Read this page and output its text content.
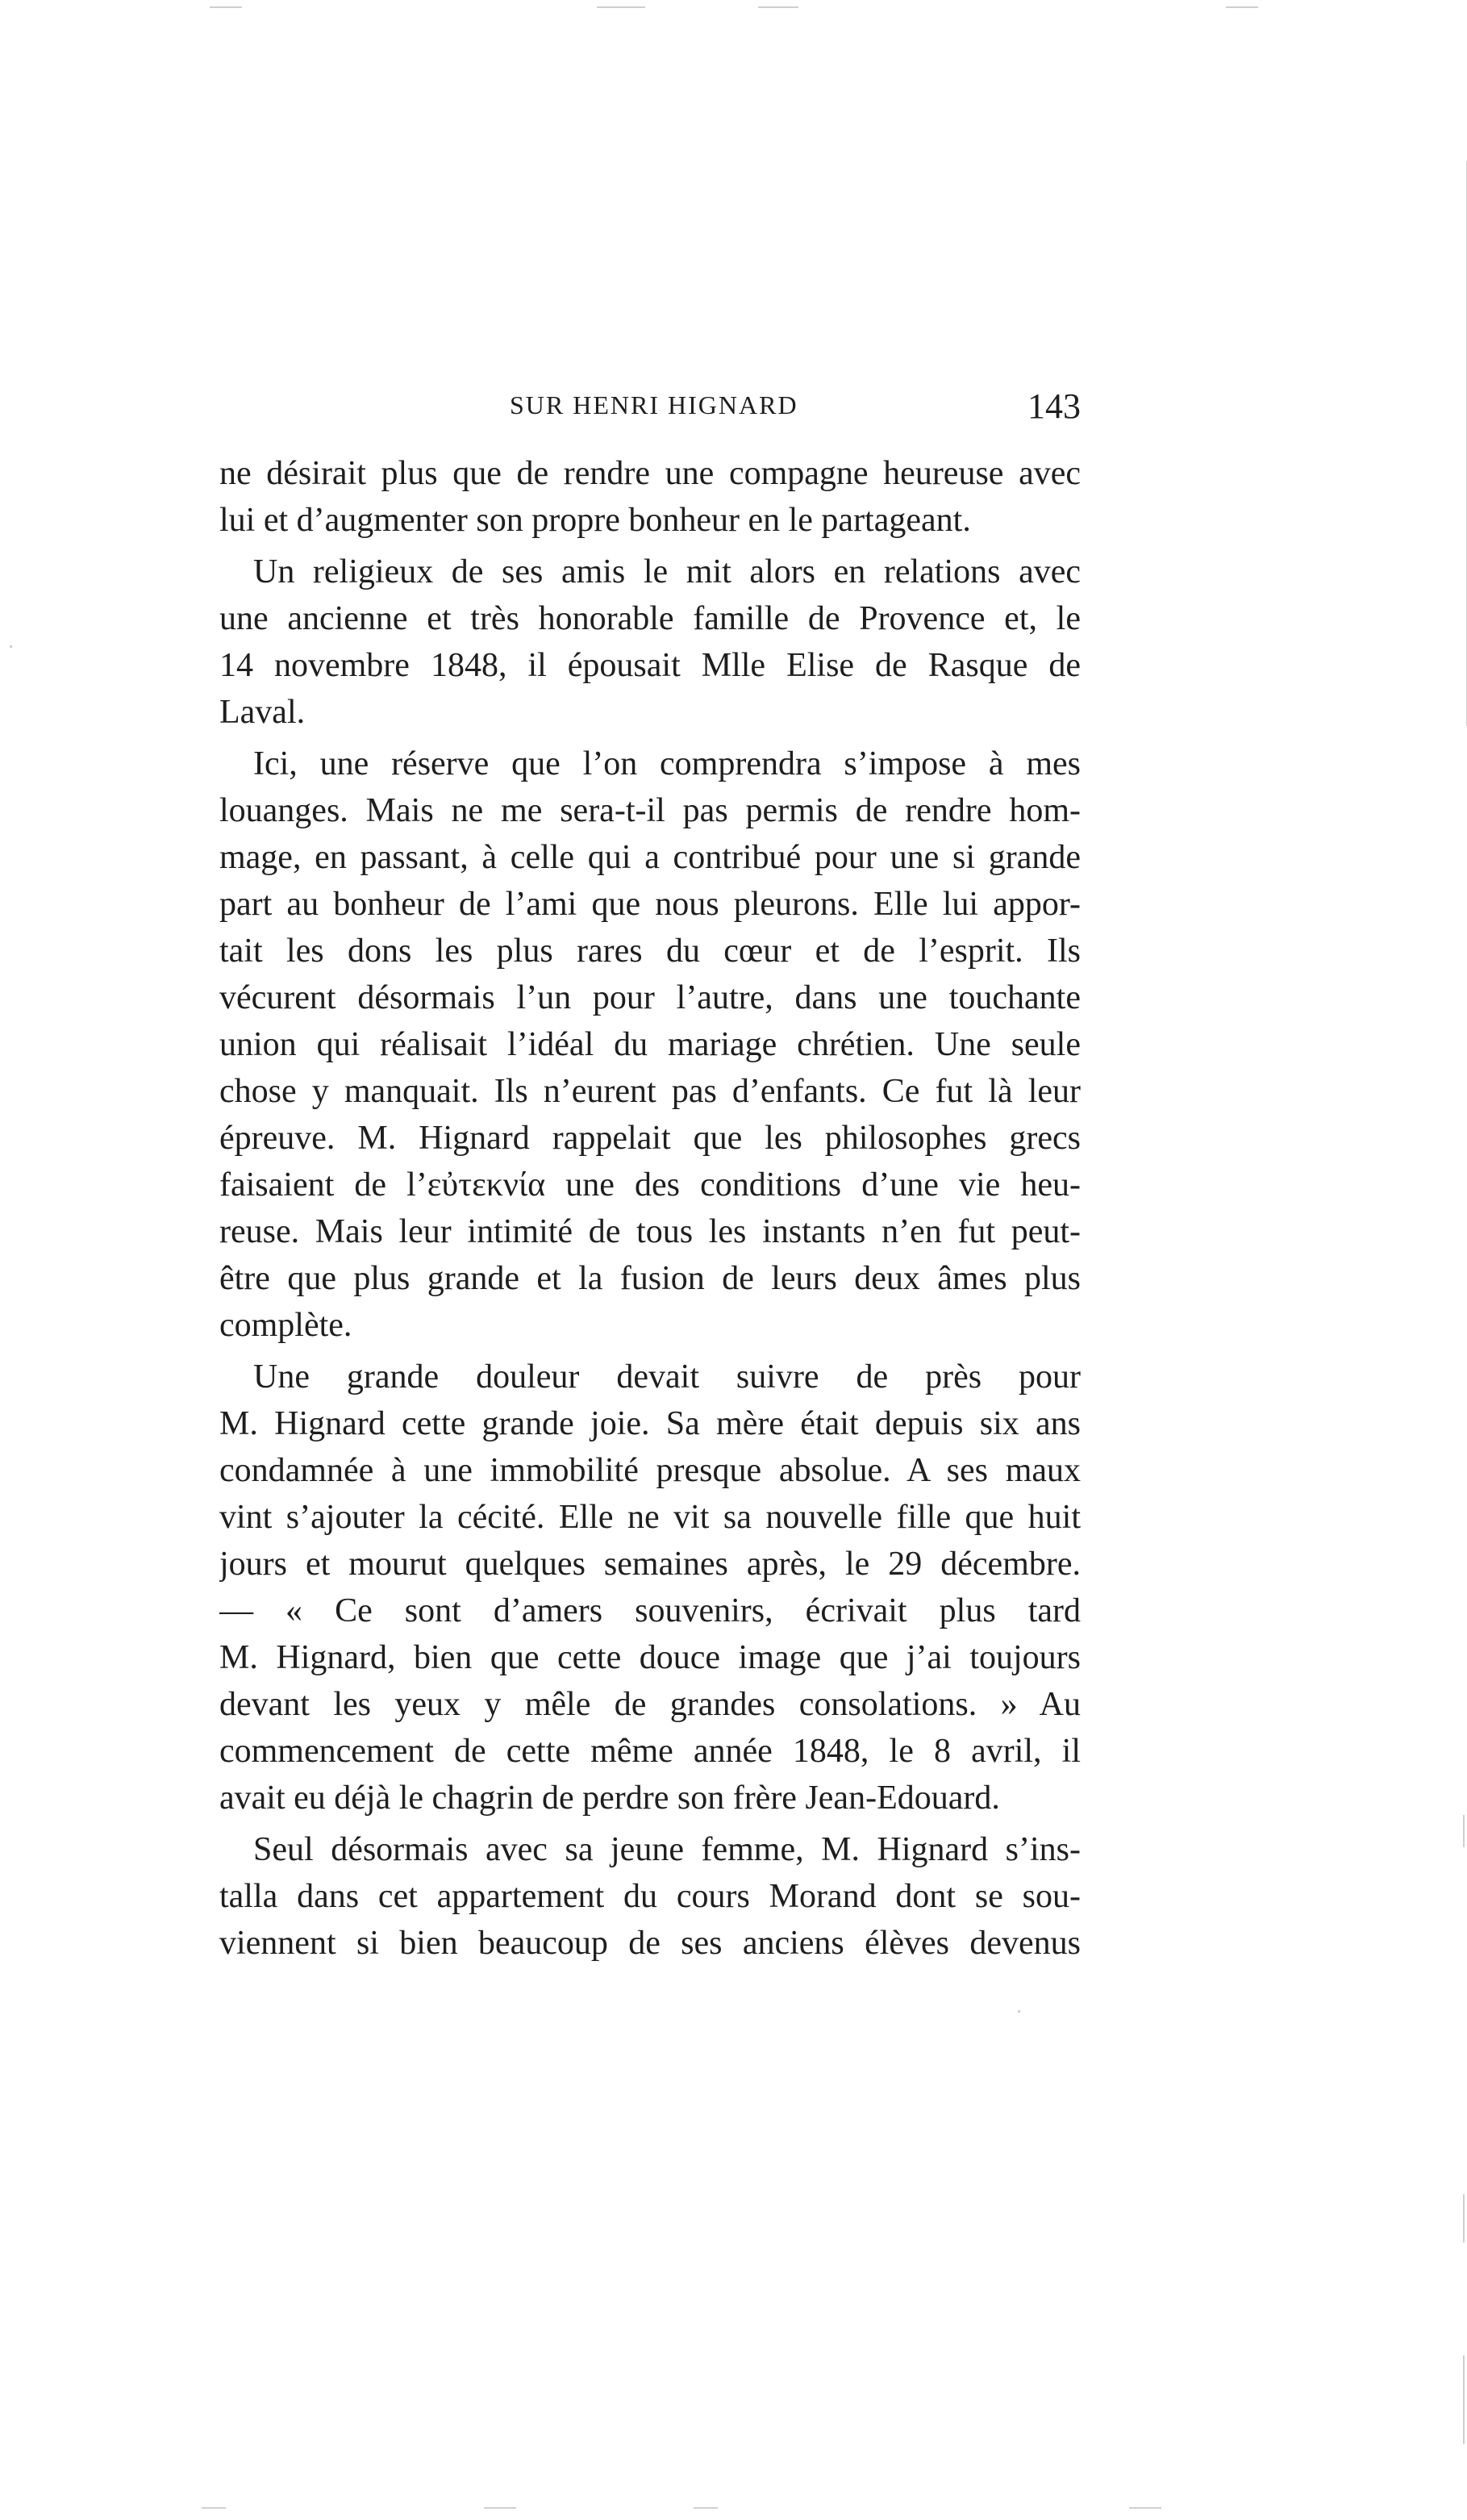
SUR HENRI HIGNARD	143
ne désirait plus que de rendre une compagne heureuse avec
lui et d’augmenter son propre bonheur en le partageant.
Un religieux de ses amis le mit alors en relations avec
une ancienne et très honorable famille de Provence et, le
14 novembre 1848, il épousait Mlle Elise de Rasque de
Laval.
Ici, une réserve que l’on comprendra s’impose à mes
louanges. Mais ne me sera-t-il pas permis de rendre hom-
mage, en passant, à celle qui a contribué pour une si grande
part au bonheur de l’ami que nous pleurons. Elle lui appor-
tait les dons les plus rares du cœur et de l’esprit. Ils
vécurent désormais l’un pour l’autre, dans une touchante
union qui réalisait l’idéal du mariage chrétien. Une seule
chose y manquait. Ils n’eurent pas d’enfants. Ce fut là leur
épreuve. M. Hignard rappelait que les philosophes grecs
faisaient de l’εὐτεκνία une des conditions d’une vie heu-
reuse. Mais leur intimité de tous les instants n’en fut peut-
être que plus grande et la fusion de leurs deux âmes plus
complète.
Une grande douleur devait suivre de près pour
M. Hignard cette grande joie. Sa mère était depuis six ans
condamnée à une immobilité presque absolue. A ses maux
vint s’ajouter la cécité. Elle ne vit sa nouvelle fille que huit
jours et mourut quelques semaines après, le 29 décembre.
— « Ce sont d’amers souvenirs, écrivait plus tard
M. Hignard, bien que cette douce image que j’ai toujours
devant les yeux y mêle de grandes consolations. » Au
commencement de cette même année 1848, le 8 avril, il
avait eu déjà le chagrin de perdre son frère Jean-Edouard.
Seul désormais avec sa jeune femme, M. Hignard s’ins-
talla dans cet appartement du cours Morand dont se sou-
viennent si bien beaucoup de ses anciens élèves devenus
